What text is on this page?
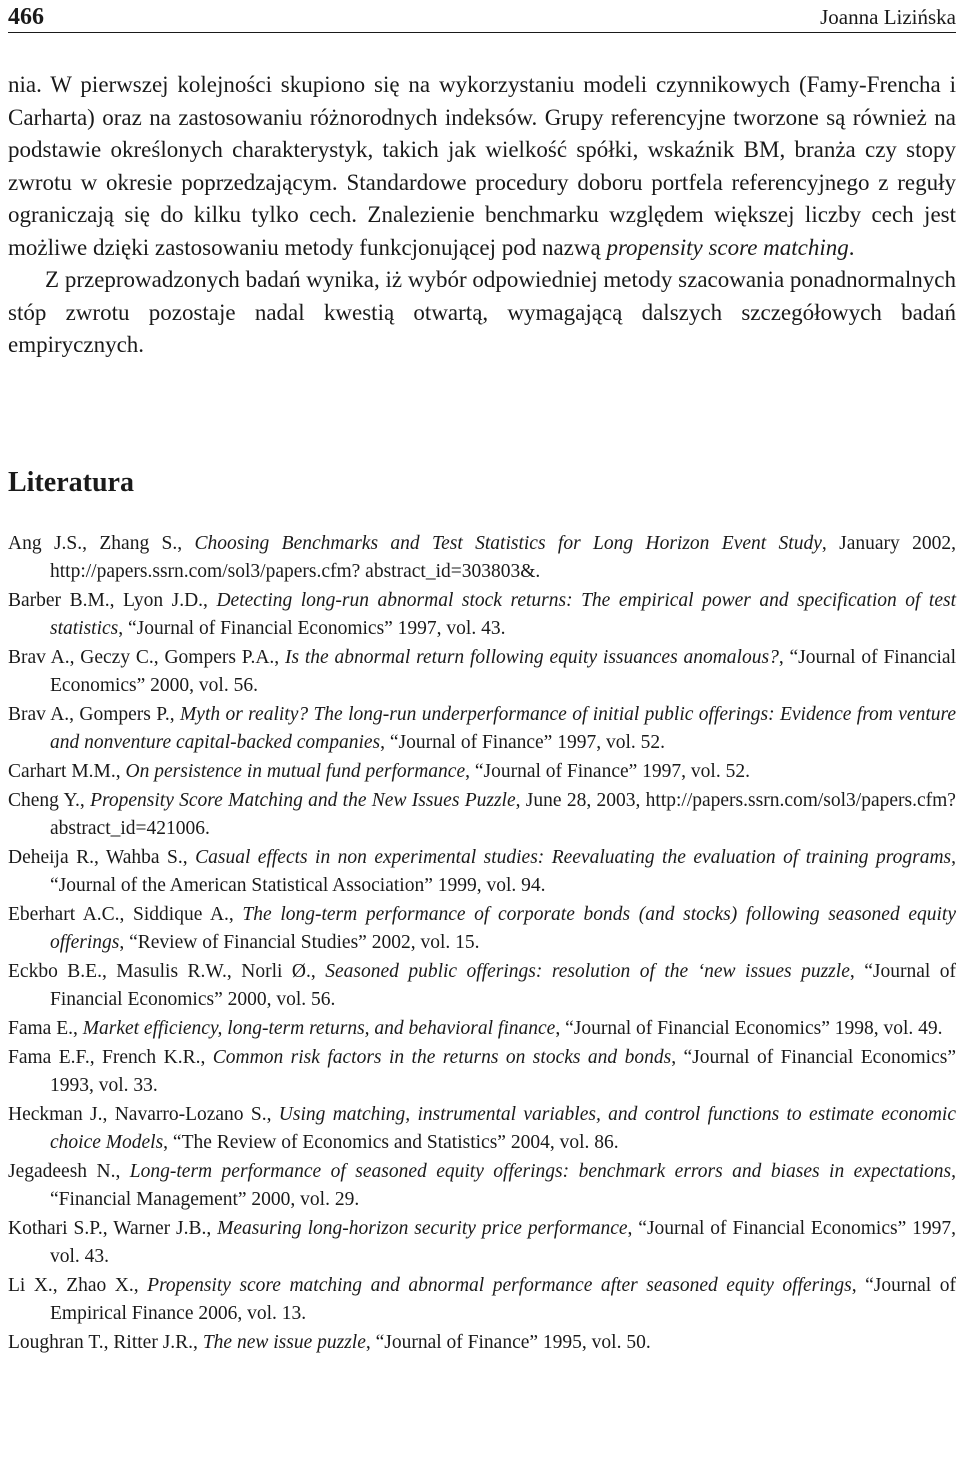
466	Joanna Lizińska

nia. W pierwszej kolejności skupiono się na wykorzystaniu modeli czynnikowych (Famy-Frencha i Carharta) oraz na zastosowaniu różnorodnych indeksów. Grupy referencyjne tworzone są również na podstawie określonych charakterystyk, takich jak wielkość spółki, wskaźnik BM, branża czy stopy zwrotu w okresie poprzedzającym. Standardowe procedury doboru portfela referencyjnego z reguły ograniczają się do kilku tylko cech. Znalezienie benchmarku względem większej liczby cech jest możliwe dzięki zastosowaniu metody funkcjonującej pod nazwą propensity score matching.

Z przeprowadzonych badań wynika, iż wybór odpowiedniej metody szacowania ponadnormalnych stóp zwrotu pozostaje nadal kwestią otwartą, wymagającą dalszych szczegółowych badań empirycznych.

Literatura

Ang J.S., Zhang S., Choosing Benchmarks and Test Statistics for Long Horizon Event Study, January 2002, http://papers.ssrn.com/sol3/papers.cfm? abstract_id=303803&.

Barber B.M., Lyon J.D., Detecting long-run abnormal stock returns: The empirical power and specification of test statistics, “Journal of Financial Economics” 1997, vol. 43.

Brav A., Geczy C., Gompers P.A., Is the abnormal return following equity issuances anomalous?, “Journal of Financial Economics” 2000, vol. 56.

Brav A., Gompers P., Myth or reality? The long-run underperformance of initial public offerings: Evidence from venture and nonventure capital-backed companies, “Journal of Finance” 1997, vol. 52.

Carhart M.M., On persistence in mutual fund performance, “Journal of Finance” 1997, vol. 52.

Cheng Y., Propensity Score Matching and the New Issues Puzzle, June 28, 2003, http://papers.ssrn.com/sol3/papers.cfm? abstract_id=421006.

Deheija R., Wahba S., Casual effects in non experimental studies: Reevaluating the evaluation of training programs, “Journal of the American Statistical Association” 1999, vol. 94.

Eberhart A.C., Siddique A., The long-term performance of corporate bonds (and stocks) following seasoned equity offerings, “Review of Financial Studies” 2002, vol. 15.

Eckbo B.E., Masulis R.W., Norli Ø., Seasoned public offerings: resolution of the ‘new issues puzzle, “Journal of Financial Economics” 2000, vol. 56.

Fama E., Market efficiency, long-term returns, and behavioral finance, “Journal of Financial Economics” 1998, vol. 49.

Fama E.F., French K.R., Common risk factors in the returns on stocks and bonds, “Journal of Financial Economics” 1993, vol. 33.

Heckman J., Navarro-Lozano S., Using matching, instrumental variables, and control functions to estimate economic choice Models, “The Review of Economics and Statistics” 2004, vol. 86.

Jegadeesh N., Long-term performance of seasoned equity offerings: benchmark errors and biases in expectations, “Financial Management” 2000, vol. 29.

Kothari S.P., Warner J.B., Measuring long-horizon security price performance, “Journal of Financial Economics” 1997, vol. 43.

Li X., Zhao X., Propensity score matching and abnormal performance after seasoned equity offerings, “Journal of Empirical Finance 2006, vol. 13.

Loughran T., Ritter J.R., The new issue puzzle, “Journal of Finance” 1995, vol. 50.
